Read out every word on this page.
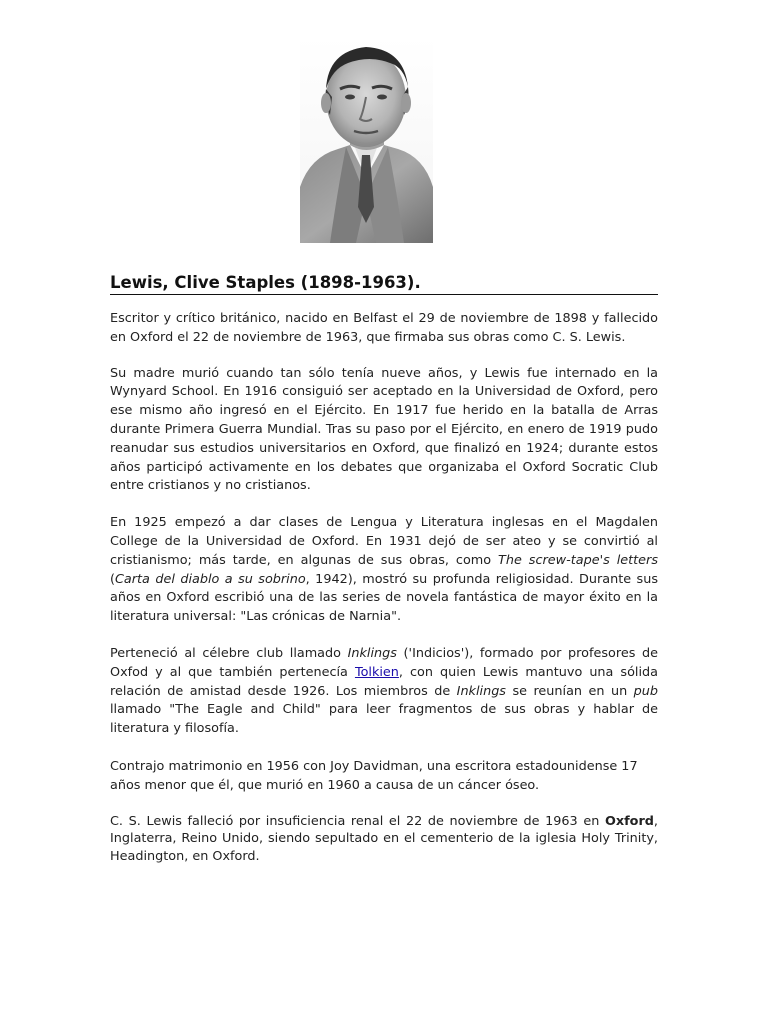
Lewis, Clive Staples (1898-1963).

Escritor y crítico británico, nacido en Belfast el 29 de noviembre de 1898 y fallecido en Oxford el 22 de noviembre de 1963, que firmaba sus obras como C. S. Lewis.

Su madre murió cuando tan sólo tenía nueve años, y Lewis fue internado en la Wynyard School. En 1916 consiguió ser aceptado en la Universidad de Oxford, pero ese mismo año ingresó en el Ejército. En 1917 fue herido en la batalla de Arras durante Primera Guerra Mundial. Tras su paso por el Ejército, en enero de 1919 pudo reanudar sus estudios universitarios en Oxford, que finalizó en 1924; durante estos años participó activamente en los debates que organizaba el Oxford Socratic Club entre cristianos y no cristianos.

En 1925 empezó a dar clases de Lengua y Literatura inglesas en el Magdalen College de la Universidad de Oxford. En 1931 dejó de ser ateo y se convirtió al cristianismo; más tarde, en algunas de sus obras, como The screw-tape's letters (Carta del diablo a su sobrino, 1942), mostró su profunda religiosidad. Durante sus años en Oxford escribió una de las series de novela fantástica de mayor éxito en la literatura universal: "Las crónicas de Narnia".

Perteneció al célebre club llamado Inklings ('Indicios'), formado por profesores de Oxfod y al que también pertenecía Tolkien, con quien Lewis mantuvo una sólida relación de amistad desde 1926. Los miembros de Inklings se reunían en un pub llamado "The Eagle and Child" para leer fragmentos de sus obras y hablar de literatura y filosofía.

Contrajo matrimonio en 1956 con Joy Davidman, una escritora estadounidense 17 años menor que él, que murió en 1960 a causa de un cáncer óseo.

C. S. Lewis falleció por insuficiencia renal el 22 de noviembre de 1963 en Oxford, Inglaterra, Reino Unido, siendo sepultado en el cementerio de la iglesia Holy Trinity, Headington, en Oxford.
